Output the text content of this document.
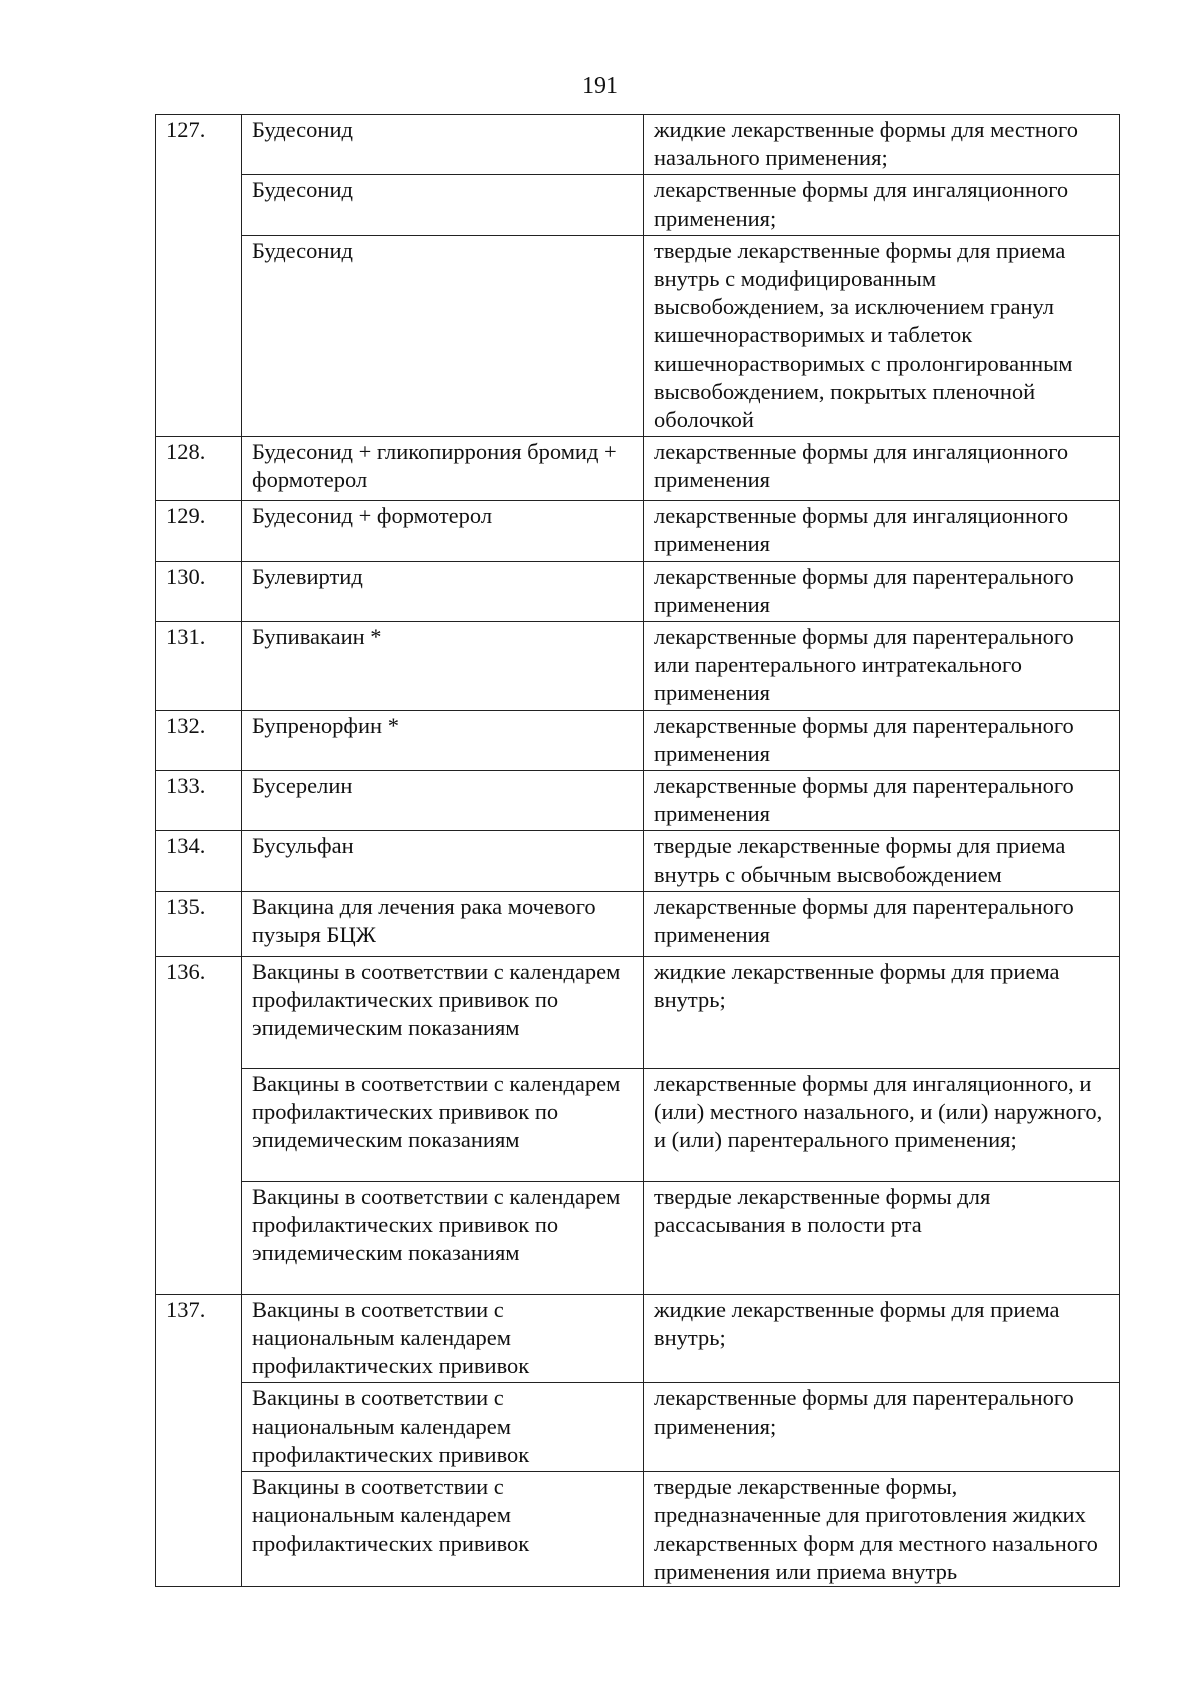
191
127.	Будесонид	жидкие лекарственные формы для местного назального применения;
	Будесонид	лекарственные формы для ингаляционного применения;
	Будесонид	твердые лекарственные формы для приема внутрь с модифицированным высвобождением, за исключением гранул кишечнорастворимых и таблеток кишечнорастворимых с пролонгированным высвобождением, покрытых пленочной оболочкой
128.	Будесонид + гликопиррония бромид + формотерол	лекарственные формы для ингаляционного применения
129.	Будесонид + формотерол	лекарственные формы для ингаляционного применения
130.	Булевиртид	лекарственные формы для парентерального применения
131.	Бупивакаин *	лекарственные формы для парентерального или парентерального интратекального применения
132.	Бупренорфин *	лекарственные формы для парентерального применения
133.	Бусерелин	лекарственные формы для парентерального применения
134.	Бусульфан	твердые лекарственные формы для приема внутрь с обычным высвобождением
135.	Вакцина для лечения рака мочевого пузыря БЦЖ	лекарственные формы для парентерального применения
136.	Вакцины в соответствии с календарем профилактических прививок по эпидемическим показаниям	жидкие лекарственные формы для приема внутрь;
	Вакцины в соответствии с календарем профилактических прививок по эпидемическим показаниям	лекарственные формы для ингаляционного, и (или) местного назального, и (или) наружного, и (или) парентерального применения;
	Вакцины в соответствии с календарем профилактических прививок по эпидемическим показаниям	твердые лекарственные формы для рассасывания в полости рта
137.	Вакцины в соответствии с национальным календарем профилактических прививок	жидкие лекарственные формы для приема внутрь;
	Вакцины в соответствии с национальным календарем профилактических прививок	лекарственные формы для парентерального применения;
	Вакцины в соответствии с национальным календарем профилактических прививок	твердые лекарственные формы, предназначенные для приготовления жидких лекарственных форм для местного назального применения или приема внутрь
